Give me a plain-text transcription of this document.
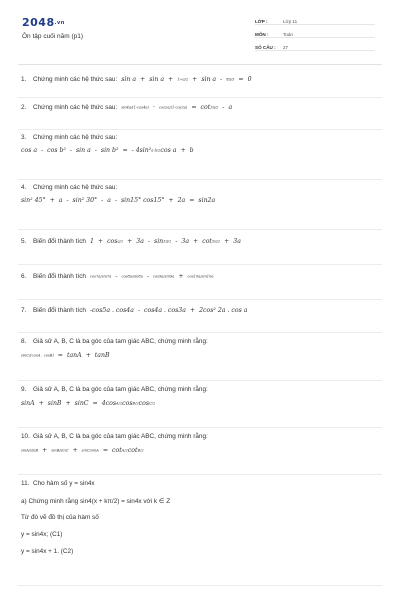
2048.vn
Ôn tập cuối năm (p1)
LỚP :	Lớp 11
MÔN :	Toán
SỐ CÂU :	27
1. Chứng minh các hệ thức sau: sin a + sin a + 1+a/2 + sin a - 8π/3 = 0
2. Chứng minh các hệ thức sau: sin4a/(1-cos4a) · cos2a/(1-cos2a) = cot3π/2 - a
3. Chứng minh các hệ thức sau:
cos a - cos b² - sin a - sin b² = - 4sin²a-b/2cos a + b
4. Chứng minh các hệ thức sau:
sin² 45° + a - sin² 30° - a - sin15° cos15° + 2a = sin2a
5. Biến đổi thành tích 1 + cosa/2 + 3a - sin3π/2 - 3a + cot5π/2 + 3a
6. Biến đổi thành tích cos7a/sin7a - cos8a/sin8a - cos9a/sin9a + cos10a/sin10a
7. Biến đổi thành tích -cos5a . cos4a - cos4a . cos3a + 2cos² 2a . cos a
8. Giả sử A, B, C là ba góc của tam giác ABC, chứng minh rằng:
sinC/(cosA . cosB) = tanA + tanB
9. Giả sử A, B, C là ba góc của tam giác ABC, chứng minh rằng:
sinA + sinB + sinC = 4cosA/2cosB/2cosC/2
10. Giả sử A, B, C là ba góc của tam giác ABC, chứng minh rằng:
sinA/sinB + sinB/sinC + sinC/sinA = cotA/2cotB/2
11. Cho hàm số y = sin4x
a) Chứng minh rằng sin4(x + kπ/2) = sin4x với k ∈ Z
Từ đó vẽ đồ thị của hàm số
y = sin4x; (C1)
y = sin4x + 1. (C2)
